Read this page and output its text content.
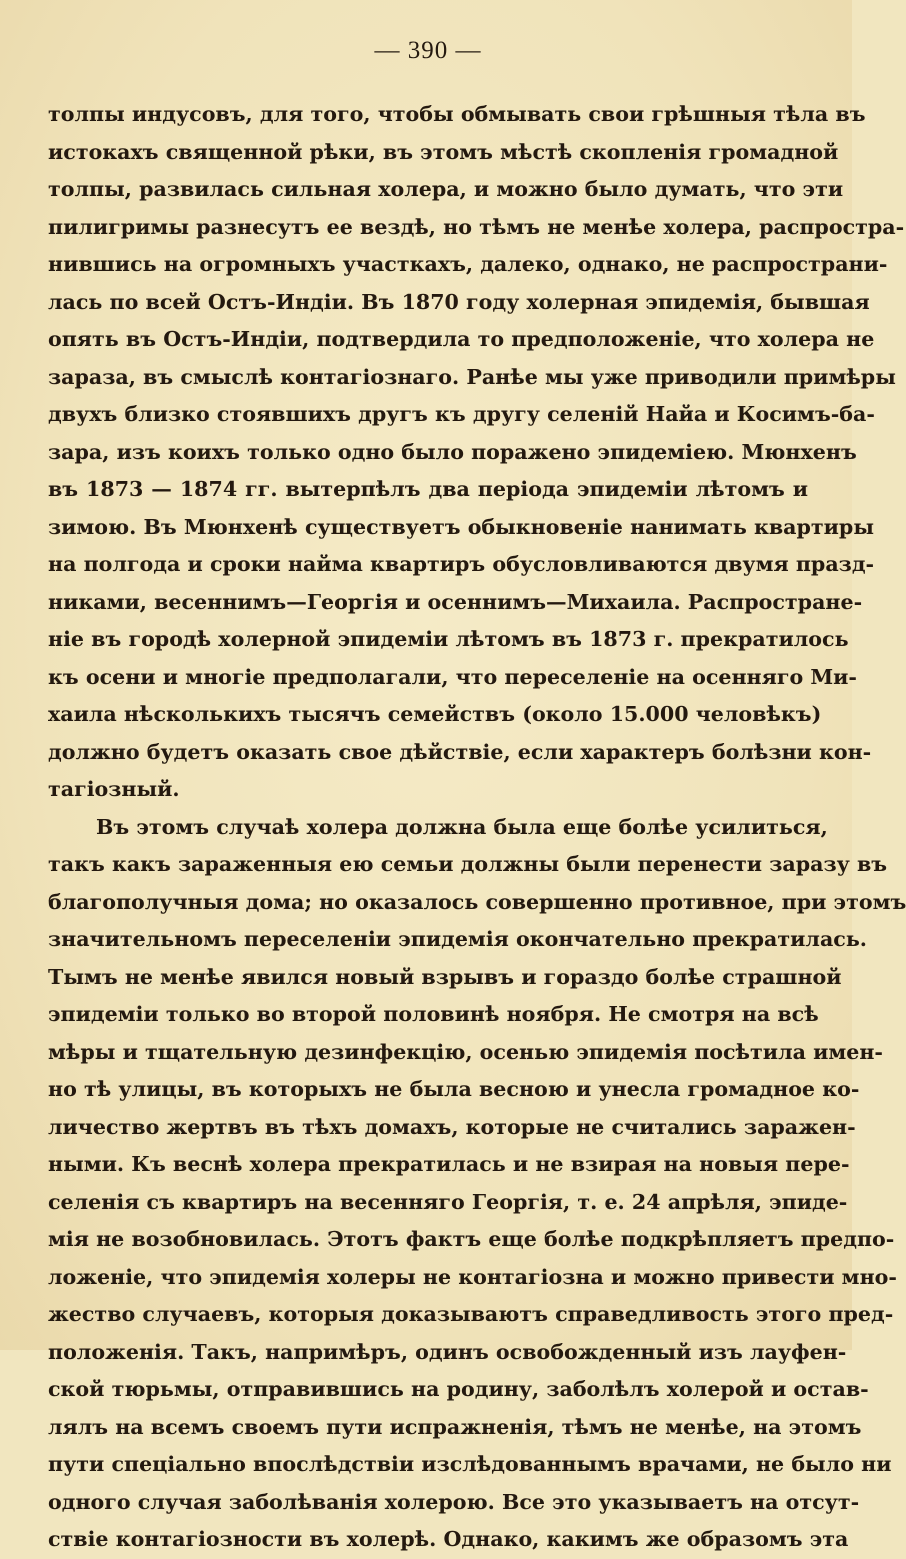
— 390 —
толпы индусовъ, для того, чтобы обмывать свои грѣшныя тѣла въ
истокахъ священной рѣки, въ этомъ мѣстѣ скопленія громадной
толпы, развилась сильная холера, и можно было думать, что эти
пилигримы разнесутъ ее вездѣ, но тѣмъ не менѣе холера, распростра-
нившись на огромныхъ участкахъ, далеко, однако, не распространи-
лась по всей Остъ-Индіи. Въ 1870 году холерная эпидемія, бывшая
опять въ Остъ-Индіи, подтвердила то предположеніе, что холера не
зараза, въ смыслѣ контагіознаго. Ранѣе мы уже приводили примѣры
двухъ близко стоявшихъ другъ къ другу селеній Найа и Косимъ-ба-
зара, изъ коихъ только одно было поражено эпидеміею. Мюнхенъ
въ 1873 — 1874 гг. вытерпѣлъ два періода эпидеміи лѣтомъ и
зимою. Въ Мюнхенѣ существуетъ обыкновеніе нанимать квартиры
на полгода и сроки найма квартиръ обусловливаются двумя празд-
никами, весеннимъ—Георгія и осеннимъ—Михаила. Распростране-
ніе въ городѣ холерной эпидеміи лѣтомъ въ 1873 г. прекратилось
къ осени и многіе предполагали, что переселеніе на осенняго Ми-
хаила нѣсколькихъ тысячъ семействъ (около 15.000 человѣкъ)
должно будетъ оказать свое дѣйствіе, если характеръ болѣзни кон-
тагіозный.
Въ этомъ случаѣ холера должна была еще болѣе усилиться,
такъ какъ зараженныя ею семьи должны были перенести заразу въ
благополучныя дома; но оказалось совершенно противное, при этомъ
значительномъ переселеніи эпидемія окончательно прекратилась.
Тымъ не менѣе явился новый взрывъ и гораздо болѣе страшной
эпидеміи только во второй половинѣ ноября. Не смотря на всѣ
мѣры и тщательную дезинфекцію, осенью эпидемія посѣтила имен-
но тѣ улицы, въ которыхъ не была весною и унесла громадное ко-
личество жертвъ въ тѣхъ домахъ, которые не считались заражен-
ными. Къ веснѣ холера прекратилась и не взирая на новыя пере-
селенія съ квартиръ на весенняго Георгія, т. е. 24 апрѣля, эпиде-
мія не возобновилась. Этотъ фактъ еще болѣе подкрѣпляетъ предпо-
ложеніе, что эпидемія холеры не контагіозна и можно привести мно-
жество случаевъ, которыя доказываютъ справедливость этого пред-
положенія. Такъ, напримѣръ, одинъ освобожденный изъ лауфен-
ской тюрьмы, отправившись на родину, заболѣлъ холерой и остав-
лялъ на всемъ своемъ пути испражненія, тѣмъ не менѣе, на этомъ
пути спеціально впослѣдствіи изслѣдованнымъ врачами, не было ни
одного случая заболѣванія холерою. Все это указываетъ на отсут-
ствіе контагіозности въ холерѣ. Однако, какимъ же образомъ эта
